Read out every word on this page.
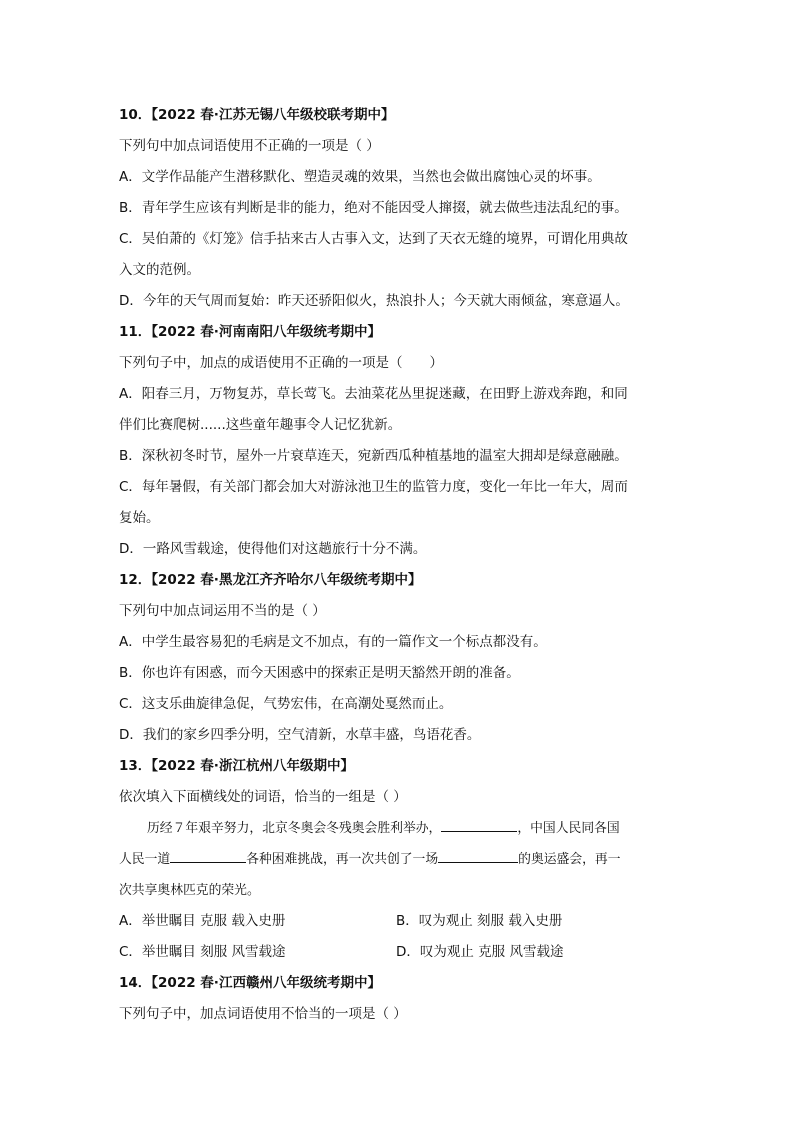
10．【2022 春·江苏无锡八年级校联考期中】
下列句中加点词语使用不正确的一项是（ ）
A．文学作品能产生潜移默化、塑造灵魂的效果，当然也会做出腐蚀心灵的坏事。
B．青年学生应该有判断是非的能力，绝对不能因受人撺掇，就去做些违法乱纪的事。
C．吴伯萧的《灯笼》信手拈来古人古事入文，达到了天衣无缝的境界，可谓化用典故
入文的范例。
D．今年的天气周而复始：昨天还骄阳似火，热浪扑人；今天就大雨倾盆，寒意逼人。
11．【2022 春·河南南阳八年级统考期中】
下列句子中，加点的成语使用不正确的一项是（　　）
A．阳春三月，万物复苏，草长莺飞。去油菜花丛里捉迷藏，在田野上游戏奔跑，和同
伴们比赛爬树......这些童年趣事令人记忆犹新。
B．深秋初冬时节，屋外一片衰草连天，宛新西瓜种植基地的温室大拥却是绿意融融。
C．每年暑假，有关部门都会加大对游泳池卫生的监管力度，变化一年比一年大，周而
复始。
D．一路风雪载途，使得他们对这趟旅行十分不满。
12．【2022 春·黑龙江齐齐哈尔八年级统考期中】
下列句中加点词运用不当的是（ ）
A．中学生最容易犯的毛病是文不加点，有的一篇作文一个标点都没有。
B．你也许有困惑，而今天困惑中的探索正是明天豁然开朗的准备。
C．这支乐曲旋律急促，气势宏伟，在高潮处戛然而止。
D．我们的家乡四季分明，空气清新，水草丰盛，鸟语花香。
13．【2022 春·浙江杭州八年级期中】
依次填入下面横线处的词语，恰当的一组是（ ）
历经７年艰辛努力，北京冬奥会冬残奥会胜利举办，	，中国人民同各国
人民一道	各种困难挑战，再一次共创了一场	的奥运盛会，再一
次共享奥林匹克的荣光。
A．举世瞩目 克服 载入史册	B．叹为观止 刻服 载入史册
C．举世瞩目 刻服 风雪载途	D．叹为观止 克服 风雪载途
14．【2022 春·江西赣州八年级统考期中】
下列句子中，加点词语使用不恰当的一项是（ ）
